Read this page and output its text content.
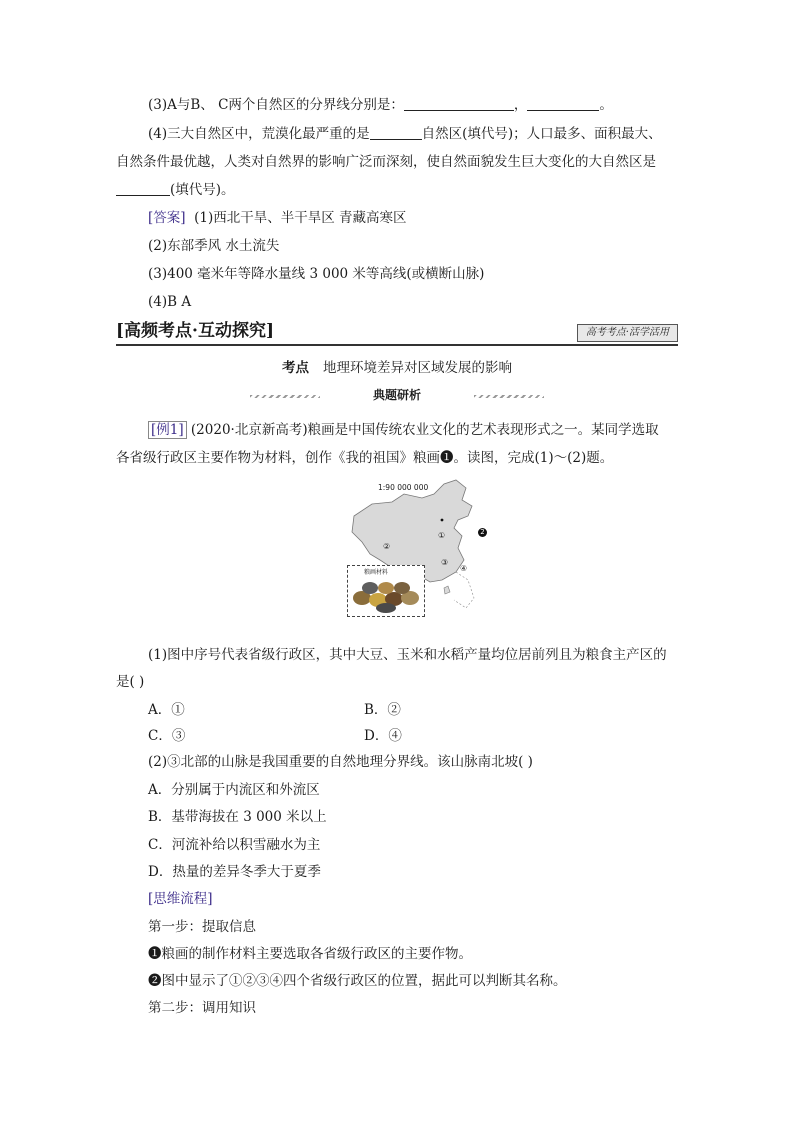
(3)A与B、 C两个自然区的分界线分别是：	，	。
(4)三大自然区中，荒漠化最严重的是	自然区(填代号)；人口最多、面积最大、
自然条件最优越，人类对自然界的影响广泛而深刻，使自然面貌发生巨大变化的大自然区是
(填代号)。
[答案] (1)西北干旱、半干旱区 青藏高寒区
(2)东部季风 水土流失
(3)400 毫米年等降水量线 3 000 米等高线(或横断山脉)
(4)B A
[高频考点·互动探究]	高考考点·活学活用
考点 地理环境差异对区域发展的影响
典题研析
[例1] (2020·北京新高考)粮画是中国传统农业文化的艺术表现形式之一。某同学选取
各省级行政区主要作物为材料，创作《我的祖国》粮画❶。读图，完成(1)～(2)题。
1:90 000 000
②
①
③
④
2
粮画材料
(1)图中序号代表省级行政区，其中大豆、玉米和水稻产量均位居前列且为粮食主产区的
是( )
A．①	B．②
C．③	D．④
(2)③北部的山脉是我国重要的自然地理分界线。该山脉南北坡( )
A．分别属于内流区和外流区
B．基带海拔在 3 000 米以上
C．河流补给以积雪融水为主
D．热量的差异冬季大于夏季
[思维流程]
第一步：提取信息
❶粮画的制作材料主要选取各省级行政区的主要作物。
❷图中显示了①②③④四个省级行政区的位置，据此可以判断其名称。
第二步：调用知识
